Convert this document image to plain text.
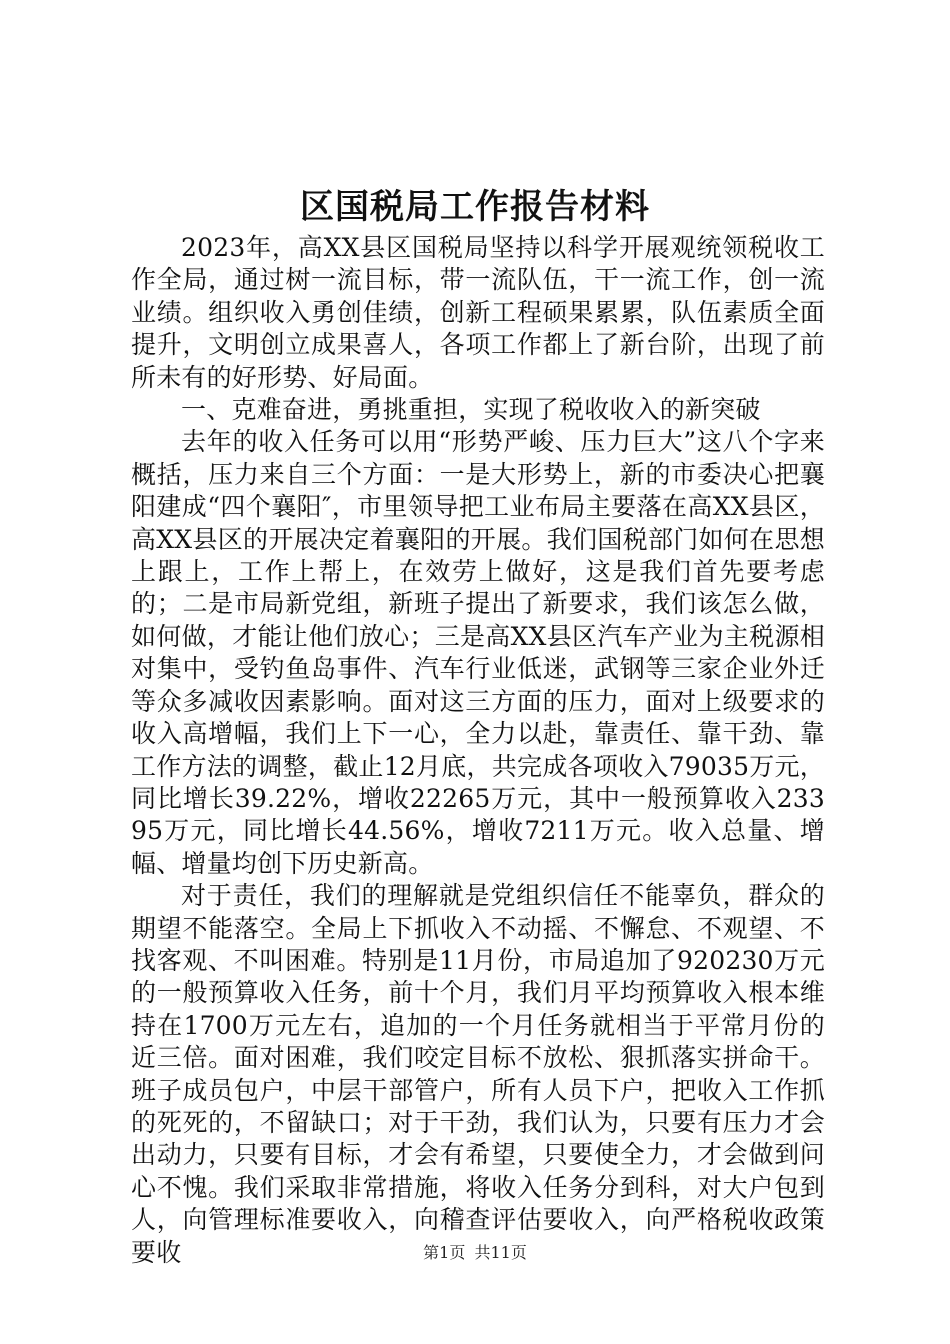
区国税局工作报告材料

2023年，高XX县区国税局坚持以科学开展观统领税收工作全局，通过树一流目标，带一流队伍，干一流工作，创一流业绩。组织收入勇创佳绩，创新工程硕果累累，队伍素质全面提升，文明创立成果喜人，各项工作都上了新台阶，出现了前所未有的好形势、好局面。

一、克难奋进，勇挑重担，实现了税收收入的新突破

去年的收入任务可以用“形势严峻、压力巨大”这八个字来概括，压力来自三个方面：一是大形势上，新的市委决心把襄阳建成“四个襄阳″，市里领导把工业布局主要落在高XX县区，高XX县区的开展决定着襄阳的开展。我们国税部门如何在思想上跟上，工作上帮上，在效劳上做好，这是我们首先要考虑的；二是市局新党组，新班子提出了新要求，我们该怎么做，如何做，才能让他们放心；三是高XX县区汽车产业为主税源相对集中，受钓鱼岛事件、汽车行业低迷，武钢等三家企业外迁等众多减收因素影响。面对这三方面的压力，面对上级要求的收入高增幅，我们上下一心，全力以赴，靠责任、靠干劲、靠工作方法的调整，截止12月底，共完成各项收入79035万元，同比增长39.22%，增收22265万元，其中一般预算收入23395万元，同比增长44.56%，增收7211万元。收入总量、增幅、增量均创下历史新高。

对于责任，我们的理解就是党组织信任不能辜负，群众的期望不能落空。全局上下抓收入不动摇、不懈怠、不观望、不找客观、不叫困难。特别是11月份，市局追加了920230万元的一般预算收入任务，前十个月，我们月平均预算收入根本维持在1700万元左右，追加的一个月任务就相当于平常月份的近三倍。面对困难，我们咬定目标不放松、狠抓落实拼命干。班子成员包户，中层干部管户，所有人员下户，把收入工作抓的死死的，不留缺口；对于干劲，我们认为，只要有压力才会出动力，只要有目标，才会有希望，只要使全力，才会做到问心不愧。我们采取非常措施，将收入任务分到科，对大户包到人，向管理标准要收入，向稽查评估要收入，向严格税收政策要收	第1页 共11页
